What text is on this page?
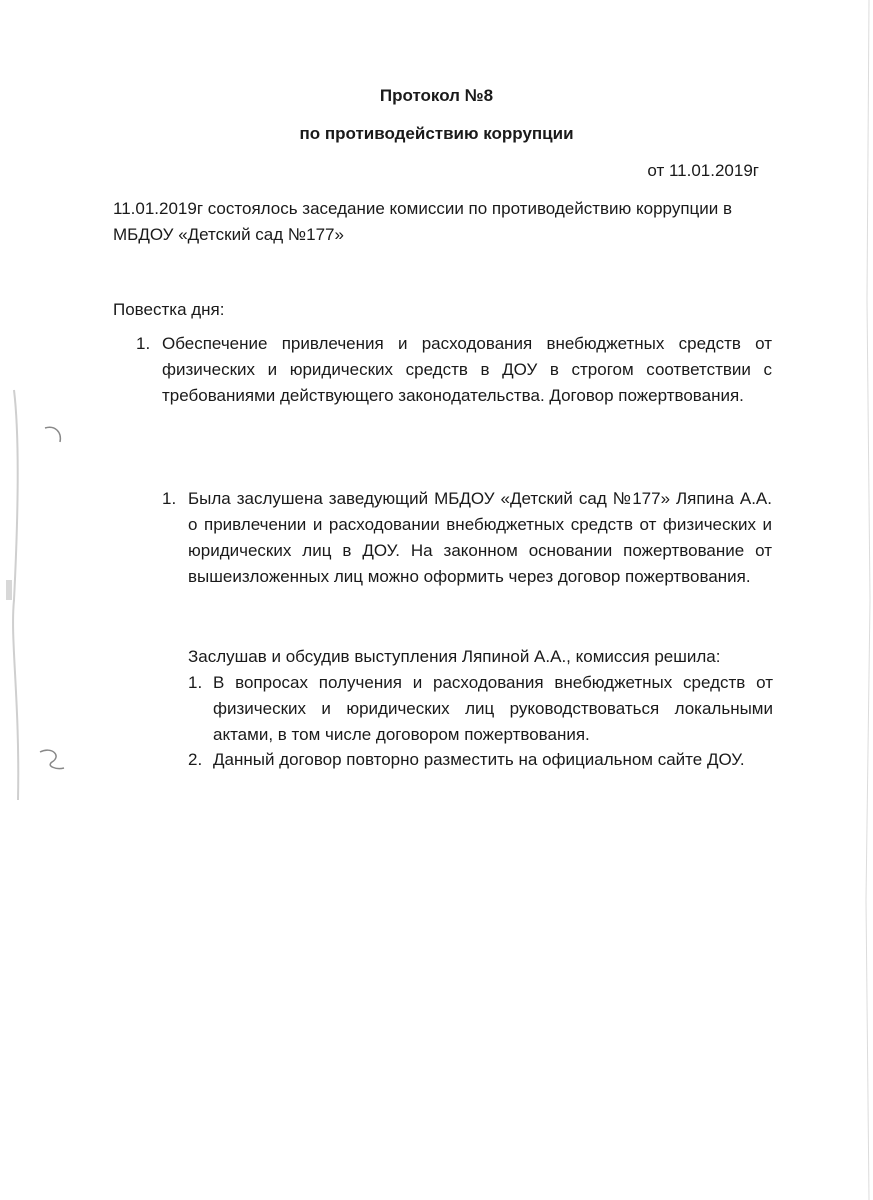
Протокол №8
по противодействию коррупции
от 11.01.2019г
11.01.2019г состоялось заседание комиссии по противодействию коррупции в МБДОУ «Детский сад №177»
Повестка дня:
1. Обеспечение привлечения и расходования внебюджетных средств от физических и юридических средств в ДОУ в строгом соответствии с требованиями действующего законодательства. Договор пожертвования.
1. Была заслушена заведующий МБДОУ «Детский сад №177» Ляпина А.А. о привлечении и расходовании внебюджетных средств от физических и юридических лиц в ДОУ. На законном основании пожертвование от вышеизложенных лиц можно оформить через договор пожертвования.
Заслушав и обсудив выступления Ляпиной А.А., комиссия решила:
1. В вопросах получения и расходования внебюджетных средств от физических и юридических лиц руководствоваться локальными актами, в том числе договором пожертвования.
2. Данный договор повторно разместить на официальном сайте ДОУ.
